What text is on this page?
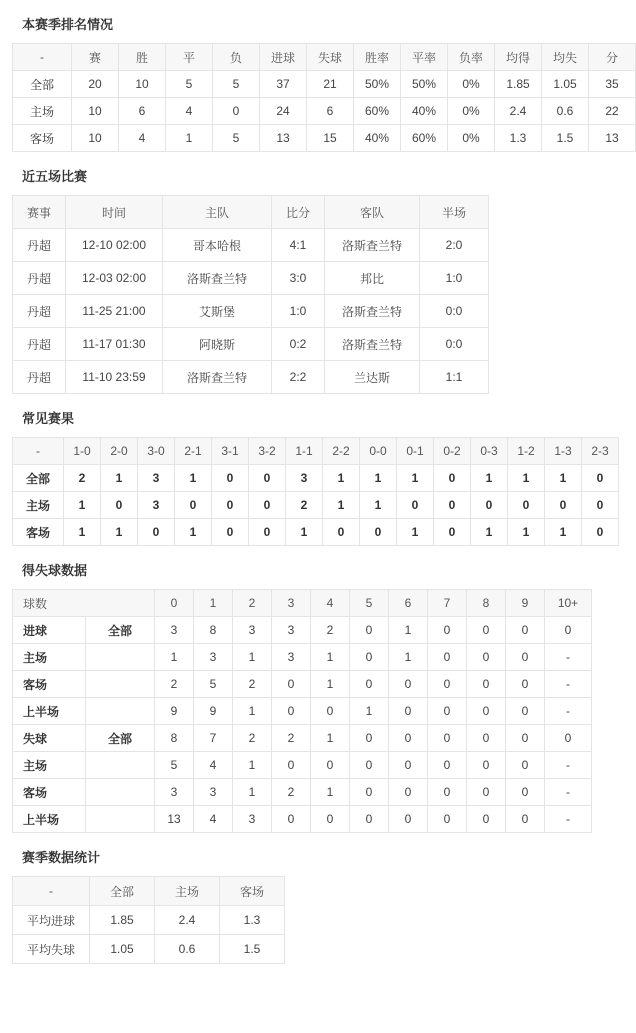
本赛季排名情况
-	赛	胜	平	负	进球	失球	胜率	平率	负率	均得	均失	分
全部	20	10	5	5	37	21	50%	50%	0%	1.85	1.05	35
主场	10	6	4	0	24	6	60%	40%	0%	2.4	0.6	22
客场	10	4	1	5	13	15	40%	60%	0%	1.3	1.5	13
近五场比赛
赛事	时间	主队	比分	客队	半场
丹超	12-10 02:00	哥本哈根	4:1	洛斯查兰特	2:0
丹超	12-03 02:00	洛斯查兰特	3:0	邦比	1:0
丹超	11-25 21:00	艾斯堡	1:0	洛斯查兰特	0:0
丹超	11-17 01:30	阿晓斯	0:2	洛斯查兰特	0:0
丹超	11-10 23:59	洛斯查兰特	2:2	兰达斯	1:1
常见赛果
-	1-0	2-0	3-0	2-1	3-1	3-2	1-1	2-2	0-0	0-1	0-2	0-3	1-2	1-3	2-3
全部	2	1	3	1	0	0	3	1	1	1	0	1	1	1	0
主场	1	0	3	0	0	0	2	1	1	0	0	0	0	0	0
客场	1	1	0	1	0	0	1	0	0	1	0	1	1	1	0
得失球数据
球数		0	1	2	3	4	5	6	7	8	9	10+
进球	全部	3	8	3	3	2	0	1	0	0	0	0
主场		1	3	1	3	1	0	1	0	0	0	-
客场		2	5	2	0	1	0	0	0	0	0	-
上半场		9	9	1	0	0	1	0	0	0	0	-
失球	全部	8	7	2	2	1	0	0	0	0	0	0
主场		5	4	1	0	0	0	0	0	0	0	-
客场		3	3	1	2	1	0	0	0	0	0	-
上半场		13	4	3	0	0	0	0	0	0	0	-
赛季数据统计
-	全部	主场	客场
平均进球	1.85	2.4	1.3
平均失球	1.05	0.6	1.5
